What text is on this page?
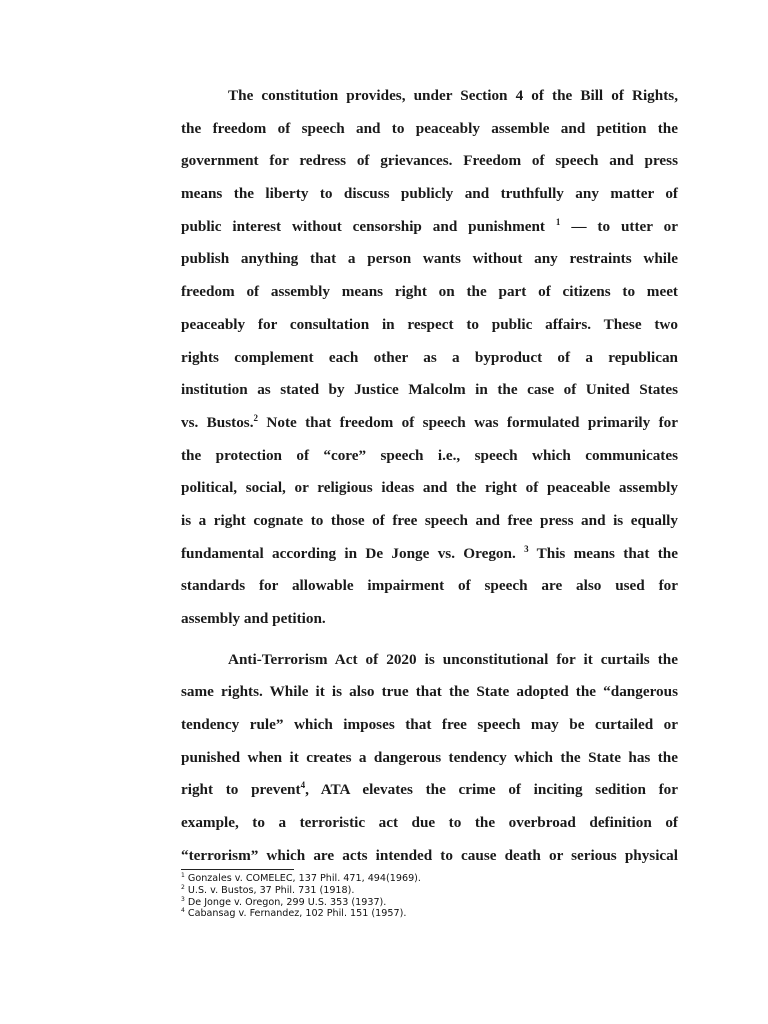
The constitution provides, under Section 4 of the Bill of Rights,
the freedom of speech and to peaceably assemble and petition the
government for redress of grievances. Freedom of speech and press
means the liberty to discuss publicly and truthfully any matter of
public interest without censorship and punishment $^1$ — to utter or
publish anything that a person wants without any restraints while
freedom of assembly means right on the part of citizens to meet
peaceably for consultation in respect to public affairs. These two
rights complement each other as a byproduct of a republican
institution as stated by Justice Malcolm in the case of United States
vs. Bustos.$^2$ Note that freedom of speech was formulated primarily for
the protection of “core” speech i.e., speech which communicates
political, social, or religious ideas and the right of peaceable assembly
is a right cognate to those of free speech and free press and is equally
fundamental according in De Jonge vs. Oregon. $^3$ This means that the
standards for allowable impairment of speech are also used for
assembly and petition.
Anti-Terrorism Act of 2020 is unconstitutional for it curtails the
same rights. While it is also true that the State adopted the “dangerous
tendency rule” which imposes that free speech may be curtailed or
punished when it creates a dangerous tendency which the State has the
right to prevent$^4$, ATA elevates the crime of inciting sedition for
example, to a terroristic act due to the overbroad definition of
“terrorism” which are acts intended to cause death or serious physical
$^1$ Gonzales v. COMELEC, 137 Phil. 471, 494(1969).
$^2$ U.S. v. Bustos, 37 Phil. 731 (1918).
$^3$ De Jonge v. Oregon, 299 U.S. 353 (1937).
$^4$ Cabansag v. Fernandez, 102 Phil. 151 (1957).
